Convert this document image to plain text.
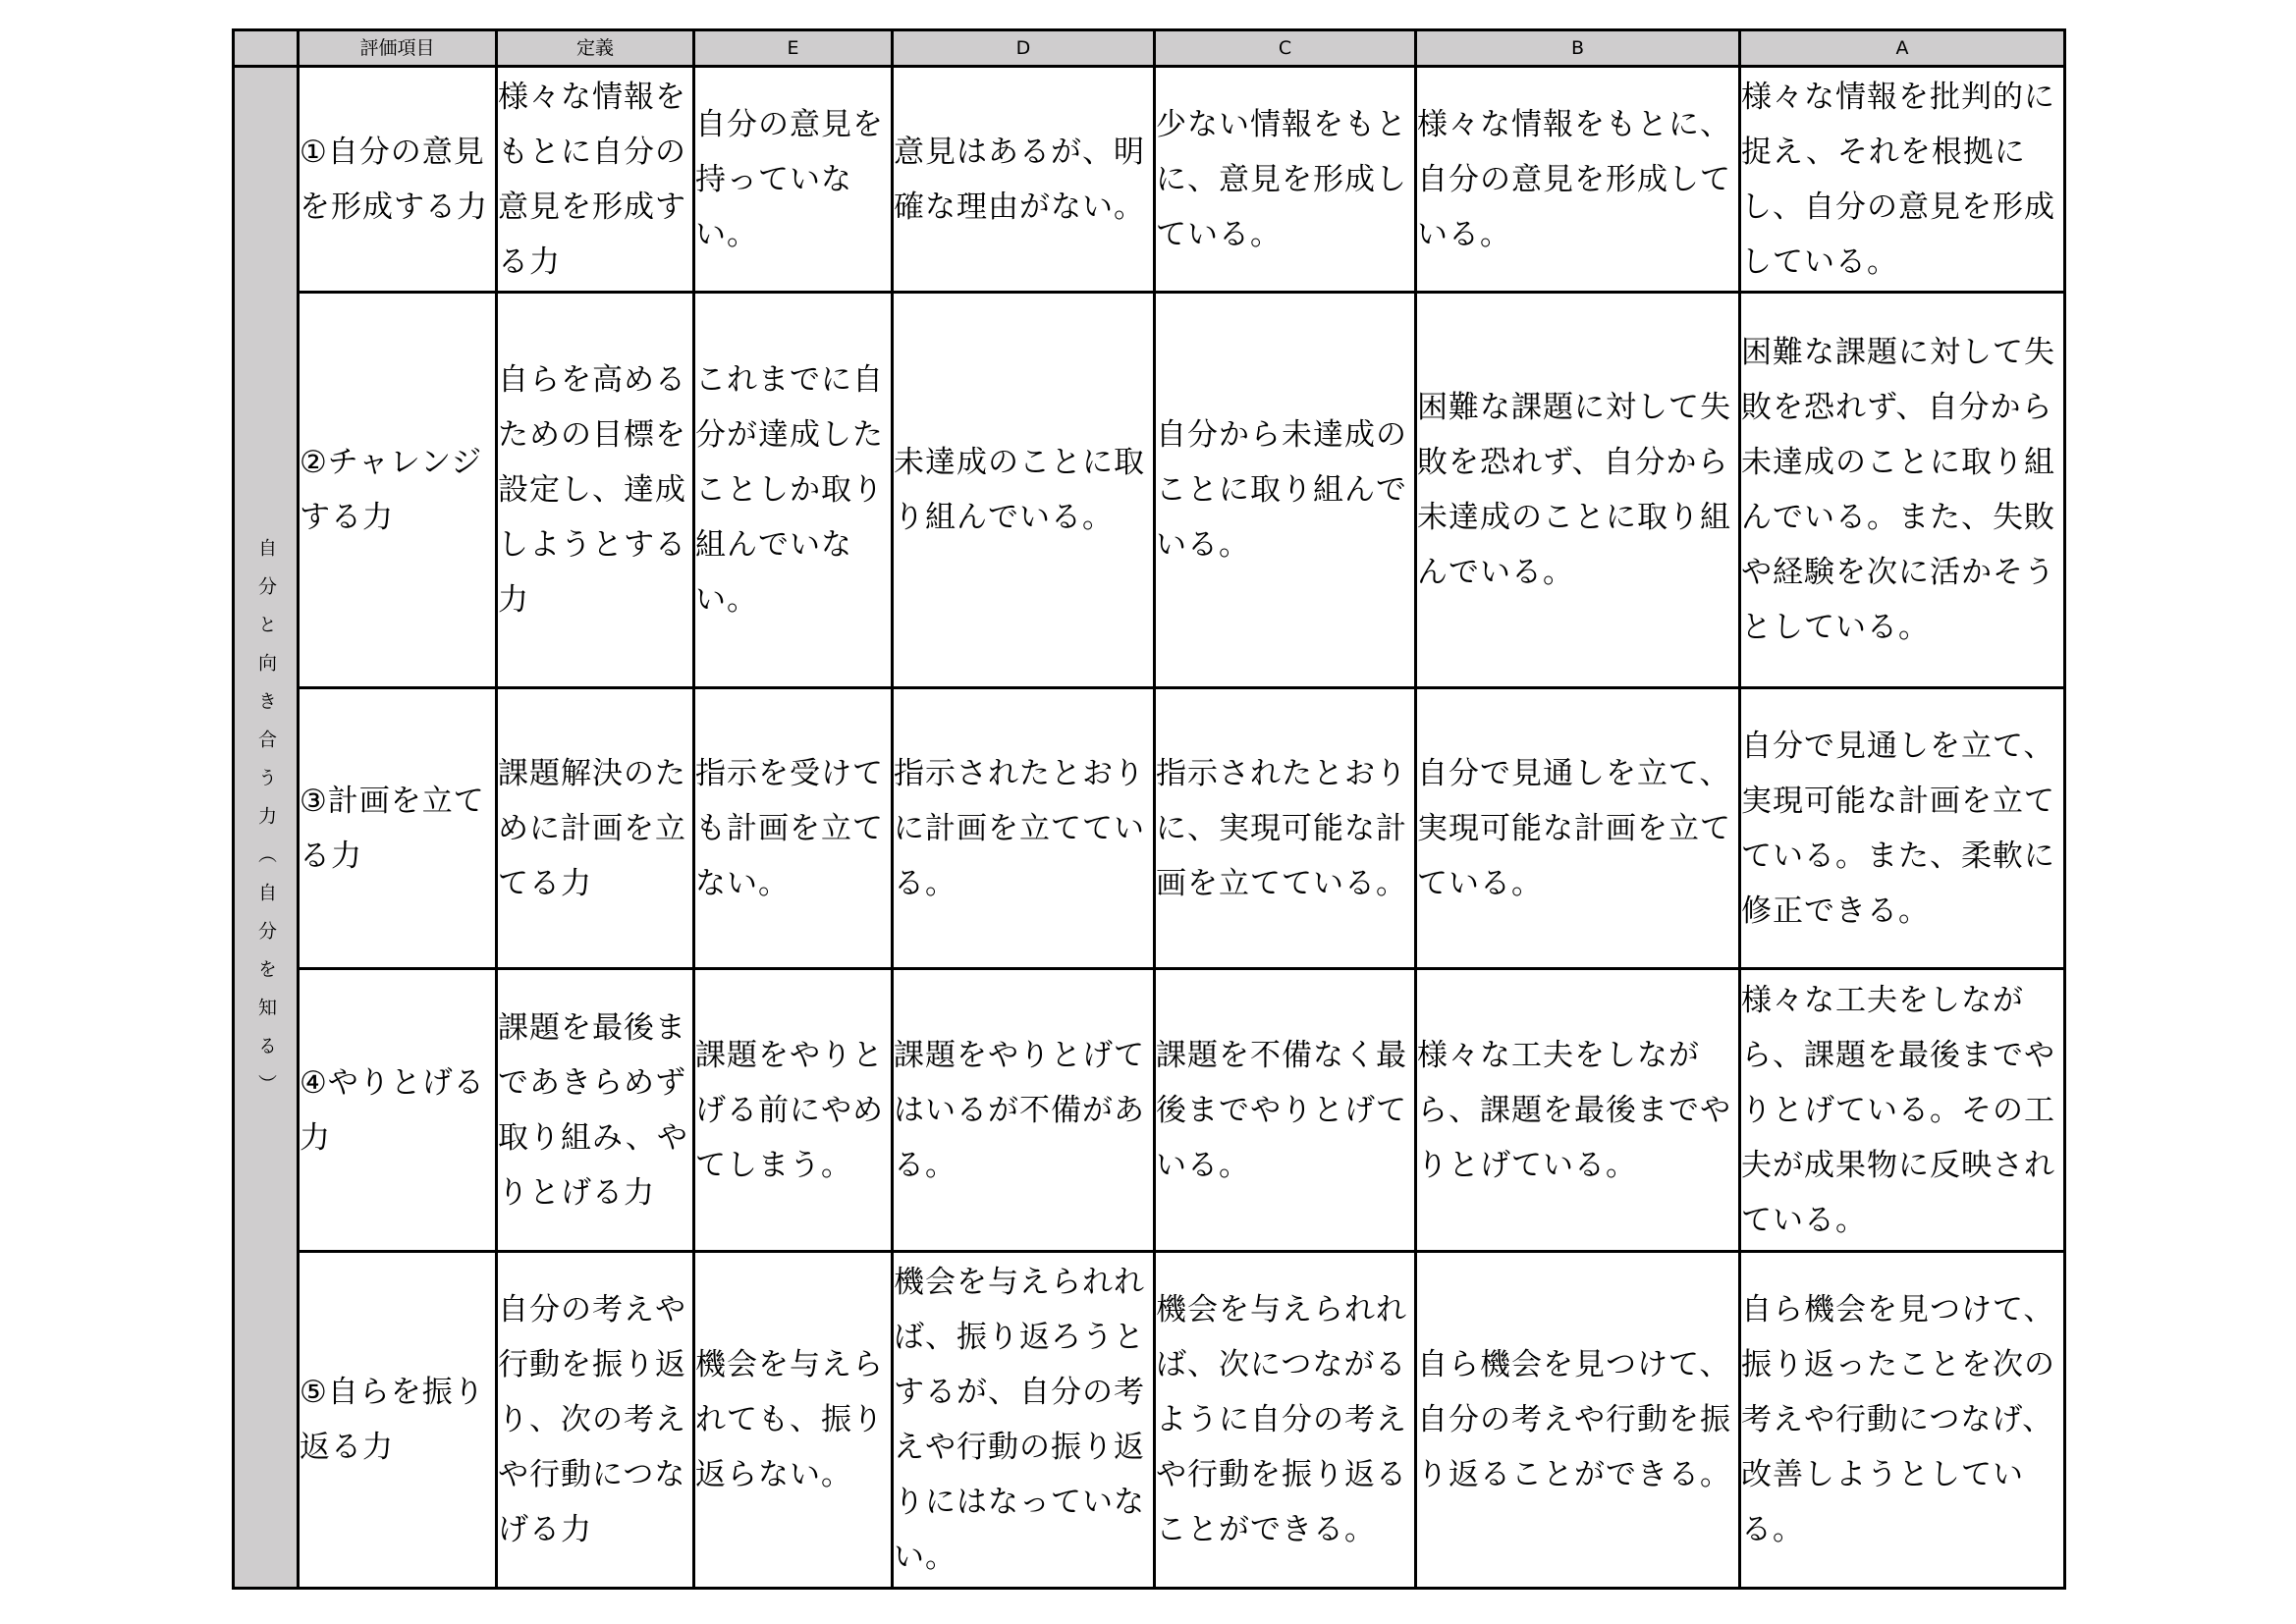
	評価項目	定義	E	D	C	B	A
自分と向き合う力（自分を知る）	①自分の意見を形成する力	様々な情報をもとに自分の意見を形成する力	自分の意見を持っていない。	意見はあるが、明確な理由がない。	少ない情報をもとに、意見を形成している。	様々な情報をもとに、自分の意見を形成している。	様々な情報を批判的に捉え、それを根拠にし、自分の意見を形成している。
	②チャレンジする力	自らを高めるための目標を設定し、達成しようとする力	これまでに自分が達成したことしか取り組んでいない。	未達成のことに取り組んでいる。	自分から未達成のことに取り組んでいる。	困難な課題に対して失敗を恐れず、自分から未達成のことに取り組んでいる。	困難な課題に対して失敗を恐れず、自分から未達成のことに取り組んでいる。また、失敗や経験を次に活かそうとしている。
	③計画を立てる力	課題解決のために計画を立てる力	指示を受けても計画を立てない。	指示されたとおりに計画を立てている。	指示されたとおりに、実現可能な計画を立てている。	自分で見通しを立て、実現可能な計画を立てている。	自分で見通しを立て、実現可能な計画を立てている。また、柔軟に修正できる。
	④やりとげる力	課題を最後まであきらめず取り組み、やりとげる力	課題をやりとげる前にやめてしまう。	課題をやりとげてはいるが不備がある。	課題を不備なく最後までやりとげている。	様々な工夫をしながら、課題を最後までやりとげている。	様々な工夫をしながら、課題を最後までやりとげている。その工夫が成果物に反映されている。
	⑤自らを振り返る力	自分の考えや行動を振り返り、次の考えや行動につなげる力	機会を与えられても、振り返らない。	機会を与えられれば、振り返ろうとするが、自分の考えや行動の振り返りにはなっていない。	機会を与えられれば、次につながるように自分の考えや行動を振り返ることができる。	自ら機会を見つけて、自分の考えや行動を振り返ることができる。	自ら機会を見つけて、振り返ったことを次の考えや行動につなげ、改善しようとしている。
